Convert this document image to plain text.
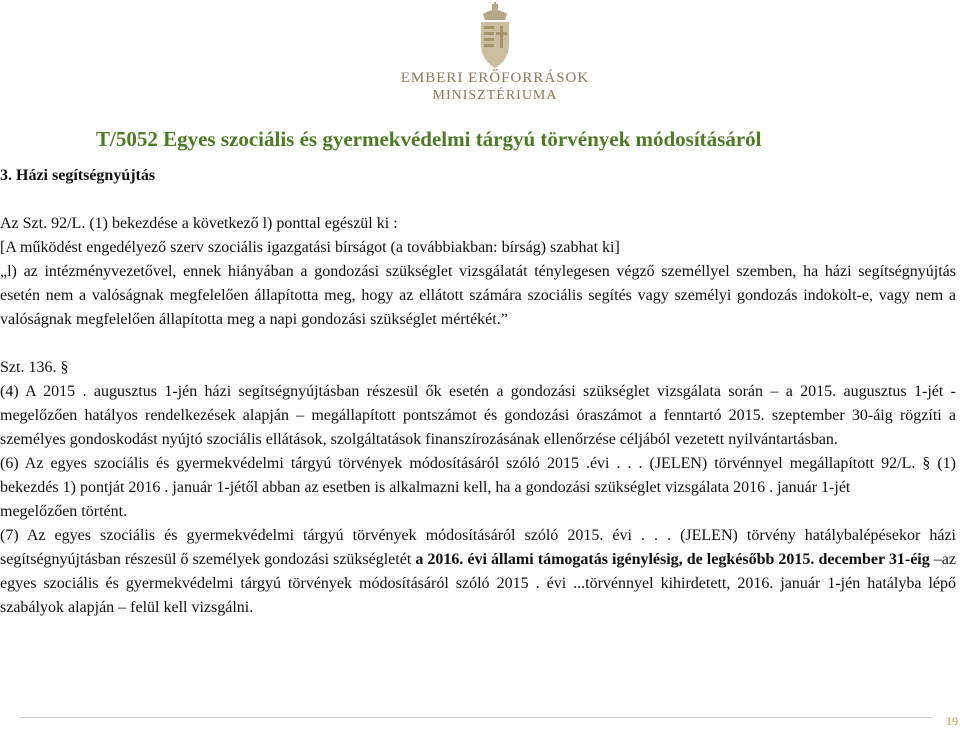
EMBERI ERŐFORRÁSOK
MINISZTÉRIUMA
T/5052 Egyes szociális és gyermekvédelmi tárgyú törvények módosításáról
3. Házi segítségnyújtás

Az Szt. 92/L. (1) bekezdése a következő l) ponttal egészül ki :

[A működést engedélyező szerv szociális igazgatási bírságot (a továbbiakban: bírság) szabhat ki]

„l) az intézményvezetővel, ennek hiányában a gondozási szükséglet vizsgálatát ténylegesen végző személlyel szemben, ha házi segítségnyújtás esetén nem a valóságnak megfelelően állapította meg, hogy az ellátott számára szociális segítés vagy személyi gondozás indokolt-e, vagy nem a valóságnak megfelelően állapította meg a napi gondozási szükséglet mértékét.”

Szt. 136. §

(4) A 2015 . augusztus 1-jén házi segítségnyújtásban részesül ők esetén a gondozási szükséglet vizsgálata során – a 2015. augusztus 1-jét - megelőzően hatályos rendelkezések alapján – megállapított pontszámot és gondozási óraszámot a fenntartó 2015. szeptember 30-áig rögzíti a személyes gondoskodást nyújtó szociális ellátások, szolgáltatások finanszírozásának ellenőrzése céljából vezetett nyilvántartásban.

(6) Az egyes szociális és gyermekvédelmi tárgyú törvények módosításáról szóló 2015 .évi . . . (JELEN) törvénnyel megállapított 92/L. § (1) bekezdés 1) pontját 2016 . január 1-jétől abban az esetben is alkalmazni kell, ha a gondozási szükséglet vizsgálata 2016 . január 1-jét

megelőzően történt.

(7) Az egyes szociális és gyermekvédelmi tárgyú törvények módosításáról szóló 2015. évi . . . (JELEN) törvény hatálybalépésekor házi segítségnyújtásban részesül ő személyek gondozási szükségletét a 2016. évi állami támogatás igénylésig, de legkésőbb 2015. december 31-éig –az egyes szociális és gyermekvédelmi tárgyú törvények módosításáról szóló 2015 . évi ...törvénnyel kihirdetett, 2016. január 1-jén hatályba lépő szabályok alapján – felül kell vizsgálni.

19
